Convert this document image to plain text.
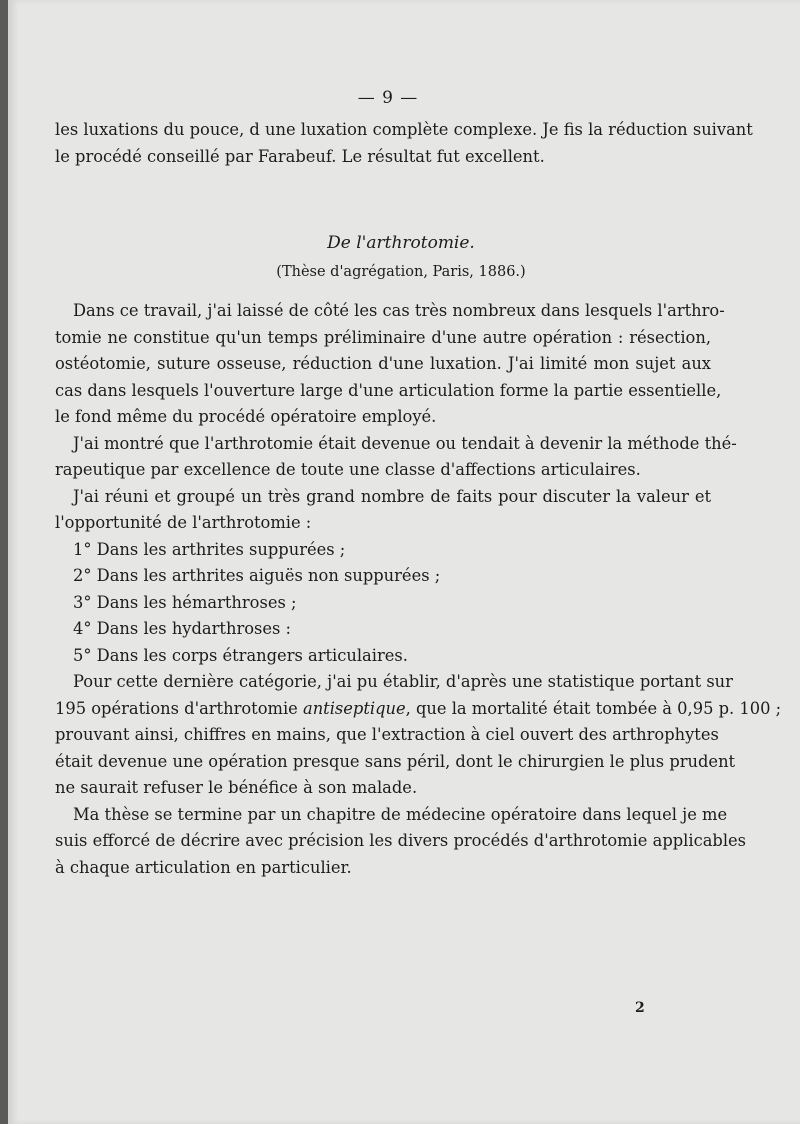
— 9 —
les luxations du pouce, d une luxation complète complexe. Je fis la réduction suivant
le procédé conseillé par Farabeuf. Le résultat fut excellent.
De l'arthrotomie.
(Thèse d'agrégation, Paris, 1886.)
Dans ce travail, j'ai laissé de côté les cas très nombreux dans lesquels l'arthro-
tomie ne constitue qu'un temps préliminaire d'une autre opération : résection,
ostéotomie, suture osseuse, réduction d'une luxation. J'ai limité mon sujet aux
cas dans lesquels l'ouverture large d'une articulation forme la partie essentielle,
le fond même du procédé opératoire employé.
J'ai montré que l'arthrotomie était devenue ou tendait à devenir la méthode thé-
rapeutique par excellence de toute une classe d'affections articulaires.
J'ai réuni et groupé un très grand nombre de faits pour discuter la valeur et
l'opportunité de l'arthrotomie :
1° Dans les arthrites suppurées ;
2° Dans les arthrites aiguës non suppurées ;
3° Dans les hémarthroses ;
4° Dans les hydarthroses :
5° Dans les corps étrangers articulaires.
Pour cette dernière catégorie, j'ai pu établir, d'après une statistique portant sur
195 opérations d'arthrotomie antiseptique, que la mortalité était tombée à 0,95 p. 100 ;
prouvant ainsi, chiffres en mains, que l'extraction à ciel ouvert des arthrophytes
était devenue une opération presque sans péril, dont le chirurgien le plus prudent
ne saurait refuser le bénéfice à son malade.
Ma thèse se termine par un chapitre de médecine opératoire dans lequel je me
suis efforcé de décrire avec précision les divers procédés d'arthrotomie applicables
à chaque articulation en particulier.
2
